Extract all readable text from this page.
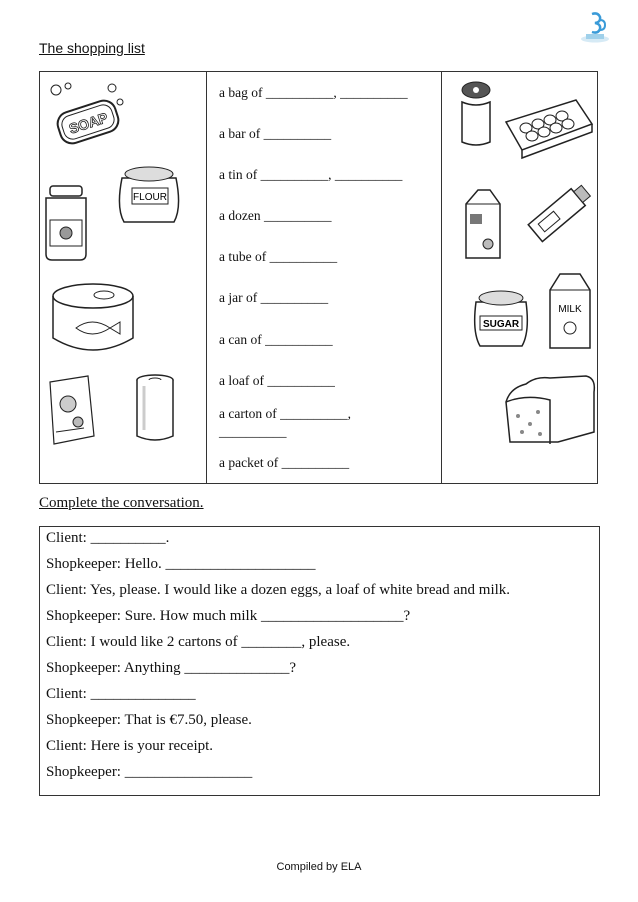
The shopping list
SOAP
FLOUR
a bag of __________, __________
a bar of __________
a tin of __________, __________
a dozen __________
a tube of __________
a jar of __________
a can of __________
a loaf of __________
a carton of __________,
__________
a packet of __________
SUGAR
MILK
Complete the conversation.
Client: __________.
Shopkeeper: Hello. ____________________
Client: Yes, please. I would like a dozen eggs, a loaf of white bread and milk.
Shopkeeper: Sure. How much milk ___________________?
Client: I would like 2 cartons of ________, please.
Shopkeeper: Anything ______________?
Client: ______________
Shopkeeper: That is €7.50, please.
Client: Here is your receipt.
Shopkeeper: _________________
Compiled by ELA
